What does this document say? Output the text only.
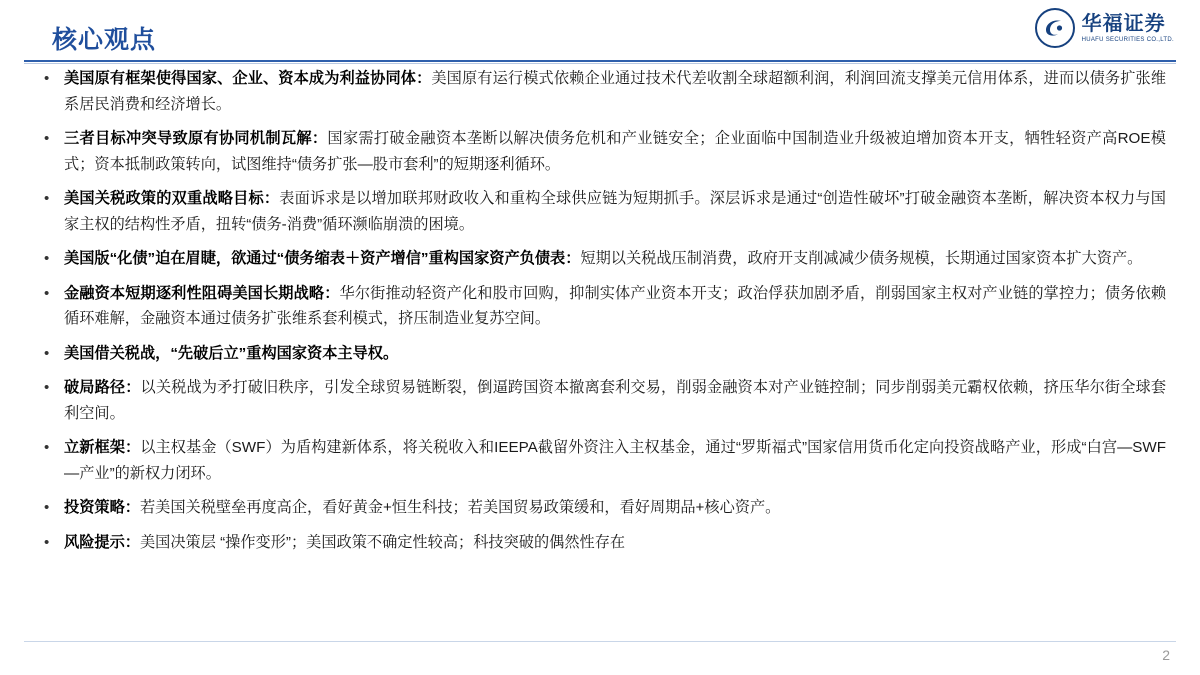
核心观点
华福证券
HUAFU SECURITIES CO.,LTD.
• 美国原有框架使得国家、企业、资本成为利益协同体：美国原有运行模式依赖企业通过技术代差收割全球超额利润，利润回流支撑美元信用体系，进而以债务扩张维系居民消费和经济增长。
• 三者目标冲突导致原有协同机制瓦解：国家需打破金融资本垄断以解决债务危机和产业链安全；企业面临中国制造业升级被迫增加资本开支，牺牲轻资产高ROE模式；资本抵制政策转向，试图维持“债务扩张—股市套利”的短期逐利循环。
• 美国关税政策的双重战略目标：表面诉求是以增加联邦财政收入和重构全球供应链为短期抓手。深层诉求是通过“创造性破坏”打破金融资本垄断，解决资本权力与国家主权的结构性矛盾，扭转“债务-消费”循环濒临崩溃的困境。
• 美国版“化债”迫在眉睫，欲通过“债务缩表＋资产增信”重构国家资产负债表：短期以关税战压制消费，政府开支削减减少债务规模，长期通过国家资本扩大资产。
• 金融资本短期逐利性阻碍美国长期战略：华尔街推动轻资产化和股市回购，抑制实体产业资本开支；政治俘获加剧矛盾，削弱国家主权对产业链的掌控力；债务依赖循环难解，金融资本通过债务扩张维系套利模式，挤压制造业复苏空间。
• 美国借关税战，“先破后立”重构国家资本主导权。
• 破局路径：以关税战为矛打破旧秩序，引发全球贸易链断裂，倒逼跨国资本撤离套利交易，削弱金融资本对产业链控制；同步削弱美元霸权依赖，挤压华尔街全球套利空间。
• 立新框架：以主权基金（SWF）为盾构建新体系，将关税收入和IEEPA截留外资注入主权基金，通过“罗斯福式”国家信用货币化定向投资战略产业，形成“白宫—SWF—产业”的新权力闭环。
• 投资策略：若美国关税壁垒再度高企，看好黄金+恒生科技；若美国贸易政策缓和，看好周期品+核心资产。
• 风险提示：美国决策层 “操作变形”；美国政策不确定性较高；科技突破的偶然性存在
2
